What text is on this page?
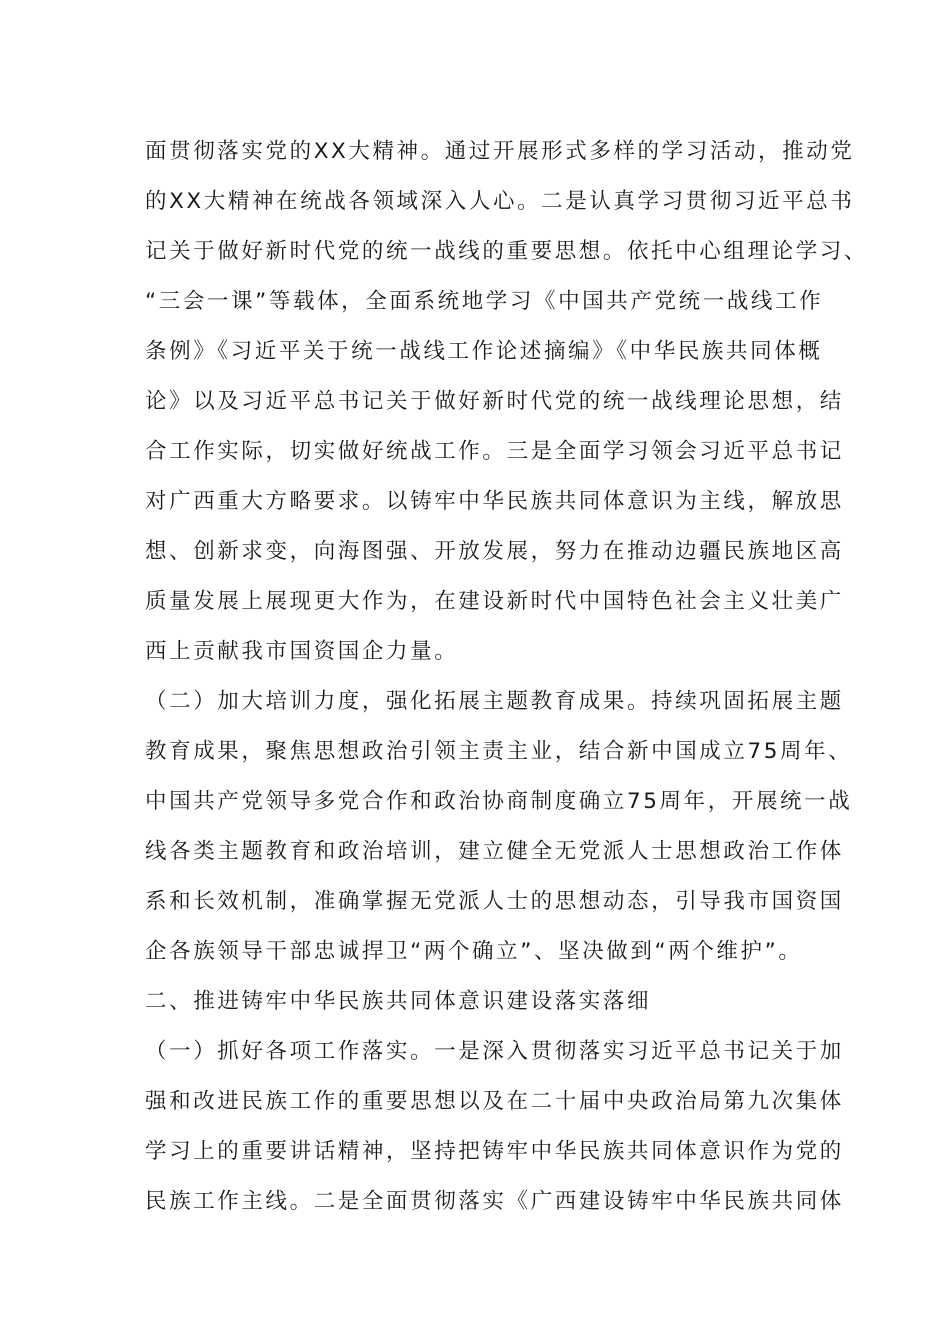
面贯彻落实党的XX大精神。通过开展形式多样的学习活动，推动党
的XX大精神在统战各领域深入人心。二是认真学习贯彻习近平总书
记关于做好新时代党的统一战线的重要思想。依托中心组理论学习、
“三会一课”等载体，全面系统地学习《中国共产党统一战线工作
条例》《习近平关于统一战线工作论述摘编》《中华民族共同体概
论》以及习近平总书记关于做好新时代党的统一战线理论思想，结
合工作实际，切实做好统战工作。三是全面学习领会习近平总书记
对广西重大方略要求。以铸牢中华民族共同体意识为主线，解放思
想、创新求变，向海图强、开放发展，努力在推动边疆民族地区高
质量发展上展现更大作为，在建设新时代中国特色社会主义壮美广
西上贡献我市国资国企力量。
（二）加大培训力度，强化拓展主题教育成果。持续巩固拓展主题
教育成果，聚焦思想政治引领主责主业，结合新中国成立75周年、
中国共产党领导多党合作和政治协商制度确立75周年，开展统一战
线各类主题教育和政治培训，建立健全无党派人士思想政治工作体
系和长效机制，准确掌握无党派人士的思想动态，引导我市国资国
企各族领导干部忠诚捍卫“两个确立”、坚决做到“两个维护”。
二、推进铸牢中华民族共同体意识建设落实落细
（一）抓好各项工作落实。一是深入贯彻落实习近平总书记关于加
强和改进民族工作的重要思想以及在二十届中央政治局第九次集体
学习上的重要讲话精神，坚持把铸牢中华民族共同体意识作为党的
民族工作主线。二是全面贯彻落实《广西建设铸牢中华民族共同体
